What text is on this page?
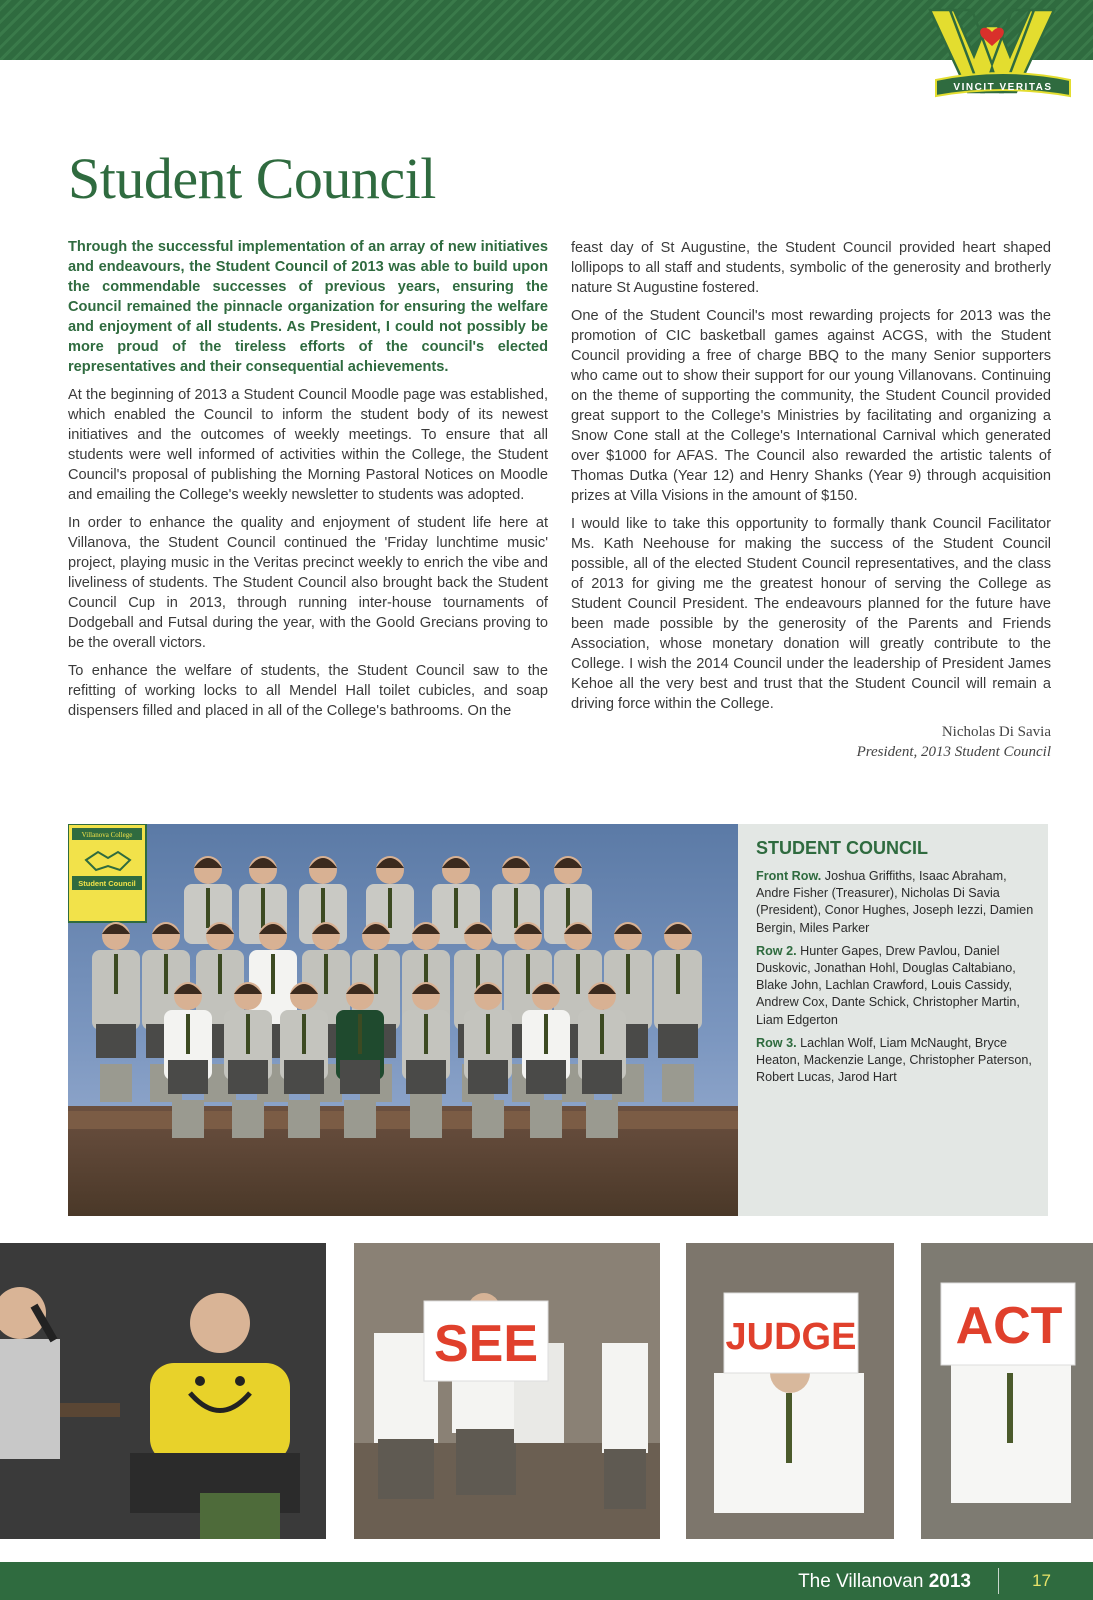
VINCIT VERITAS

Student Council

Through the successful implementation of an array of new initiatives and endeavours, the Student Council of 2013 was able to build upon the commendable successes of previous years, ensuring the Council remained the pinnacle organization for ensuring the welfare and enjoyment of all students. As President, I could not possibly be more proud of the tireless efforts of the council's elected representatives and their consequential achievements.

At the beginning of 2013 a Student Council Moodle page was established, which enabled the Council to inform the student body of its newest initiatives and the outcomes of weekly meetings. To ensure that all students were well informed of activities within the College, the Student Council's proposal of publishing the Morning Pastoral Notices on Moodle and emailing the College's weekly newsletter to students was adopted.

In order to enhance the quality and enjoyment of student life here at Villanova, the Student Council continued the 'Friday lunchtime music' project, playing music in the Veritas precinct weekly to enrich the vibe and liveliness of students. The Student Council also brought back the Student Council Cup in 2013, through running inter-house tournaments of Dodgeball and Futsal during the year, with the Goold Grecians proving to be the overall victors.

To enhance the welfare of students, the Student Council saw to the refitting of working locks to all Mendel Hall toilet cubicles, and soap dispensers filled and placed in all of the College's bathrooms. On the

feast day of St Augustine, the Student Council provided heart shaped lollipops to all staff and students, symbolic of the generosity and brotherly nature St Augustine fostered.

One of the Student Council's most rewarding projects for 2013 was the promotion of CIC basketball games against ACGS, with the Student Council providing a free of charge BBQ to the many Senior supporters who came out to show their support for our young Villanovans. Continuing on the theme of supporting the community, the Student Council provided great support to the College's Ministries by facilitating and organizing a Snow Cone stall at the College's International Carnival which generated over $1000 for AFAS. The Council also rewarded the artistic talents of Thomas Dutka (Year 12) and Henry Shanks (Year 9) through acquisition prizes at Villa Visions in the amount of $150.

I would like to take this opportunity to formally thank Council Facilitator Ms. Kath Neehouse for making the success of the Student Council possible, all of the elected Student Council representatives, and the class of 2013 for giving me the greatest honour of serving the College as Student Council President. The endeavours planned for the future have been made possible by the generosity of the Parents and Friends Association, whose monetary donation will greatly contribute to the College. I wish the 2014 Council under the leadership of President James Kehoe all the very best and trust that the Student Council will remain a driving force within the College.

Nicholas Di Savia
President, 2013 Student Council
Villanova College
Student Council
STUDENT COUNCIL

Front Row. Joshua Griffiths, Isaac Abraham, Andre Fisher (Treasurer), Nicholas Di Savia (President), Conor Hughes, Joseph Iezzi, Damien Bergin, Miles Parker

Row 2. Hunter Gapes, Drew Pavlou, Daniel Duskovic, Jonathan Hohl, Douglas Caltabiano, Blake John, Lachlan Crawford, Louis Cassidy, Andrew Cox, Dante Schick, Christopher Martin, Liam Edgerton

Row 3. Lachlan Wolf, Liam McNaught, Bryce Heaton, Mackenzie Lange, Christopher Paterson, Robert Lucas, Jarod Hart

SEE	JUDGE ACT
The Villanovan 2013	17
